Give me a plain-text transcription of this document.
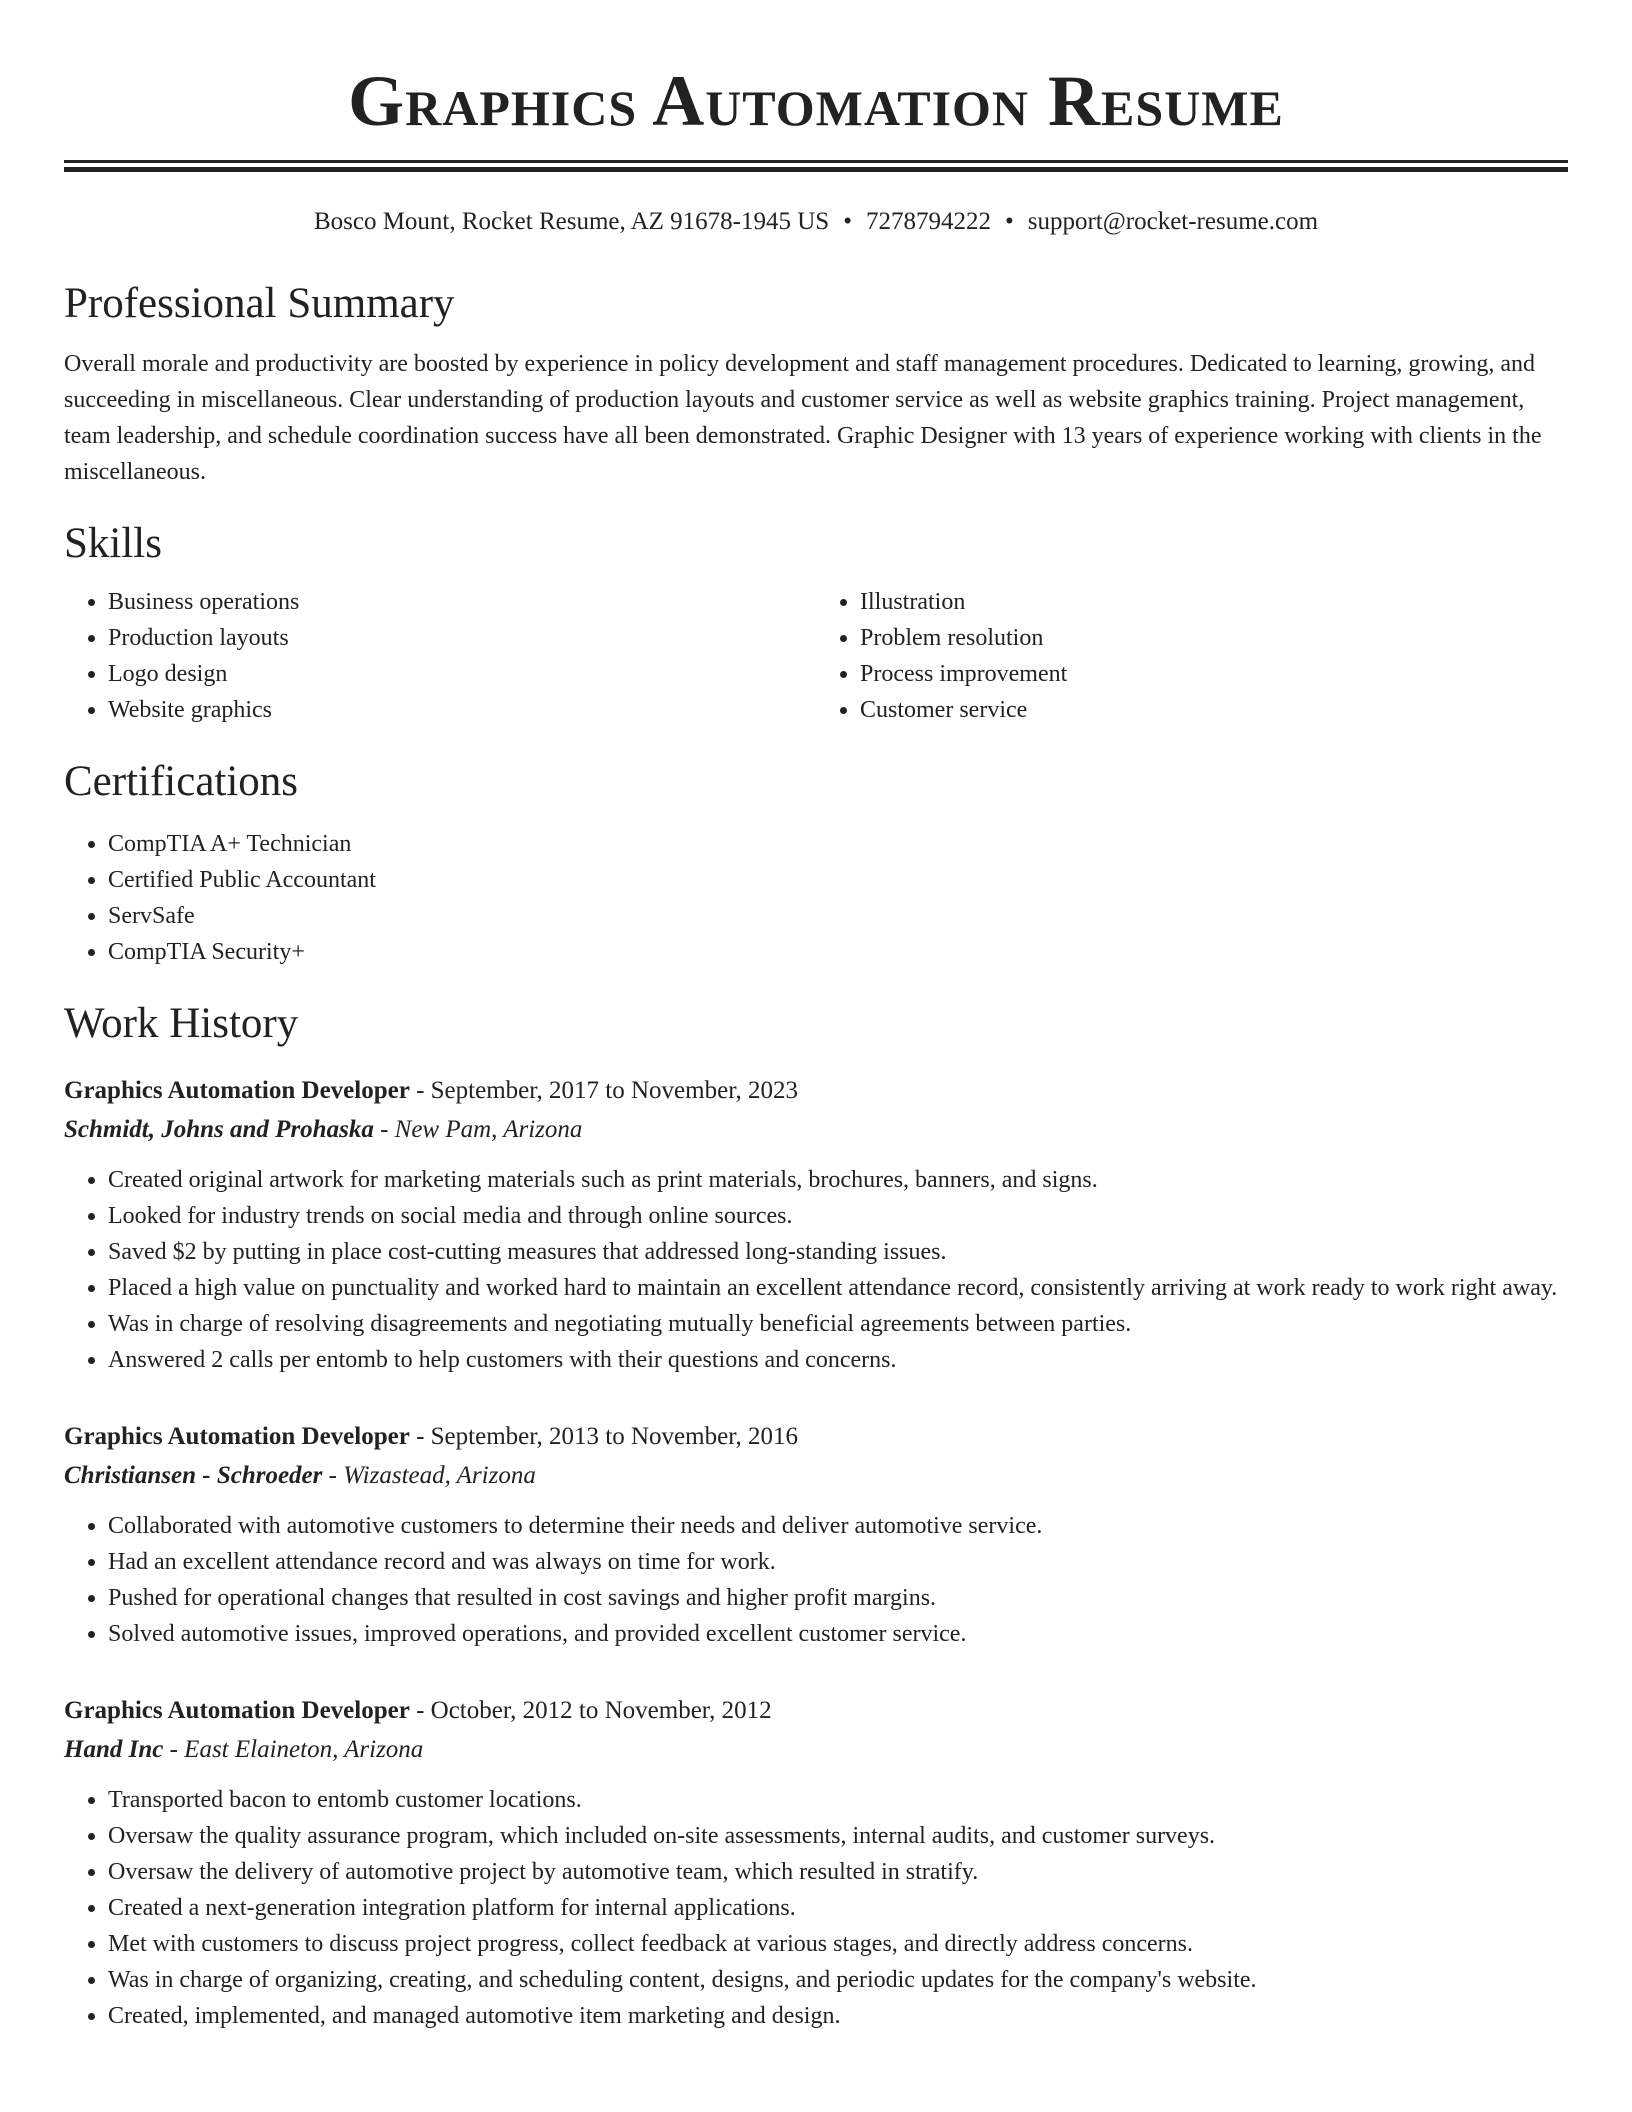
Graphics Automation Resume
Bosco Mount, Rocket Resume, AZ 91678-1945 US • 7278794222 • support@rocket-resume.com
Professional Summary

Overall morale and productivity are boosted by experience in policy development and staff management procedures. Dedicated to learning, growing, and succeeding in miscellaneous. Clear understanding of production layouts and customer service as well as website graphics training. Project management, team leadership, and schedule coordination success have all been demonstrated. Graphic Designer with 13 years of experience working with clients in the miscellaneous.

Skills
• Business operations
• Production layouts
• Logo design
• Website graphics
• Illustration
• Problem resolution
• Process improvement
• Customer service
Certifications
• CompTIA A+ Technician
• Certified Public Accountant
• ServSafe
• CompTIA Security+
Work History
Graphics Automation Developer - September, 2017 to November, 2023
Schmidt, Johns and Prohaska - New Pam, Arizona
• Created original artwork for marketing materials such as print materials, brochures, banners, and signs.
• Looked for industry trends on social media and through online sources.
• Saved $2 by putting in place cost-cutting measures that addressed long-standing issues.
• Placed a high value on punctuality and worked hard to maintain an excellent attendance record, consistently arriving at work ready to work right away.
• Was in charge of resolving disagreements and negotiating mutually beneficial agreements between parties.
• Answered 2 calls per entomb to help customers with their questions and concerns.
Graphics Automation Developer - September, 2013 to November, 2016
Christiansen - Schroeder - Wizastead, Arizona
• Collaborated with automotive customers to determine their needs and deliver automotive service.
• Had an excellent attendance record and was always on time for work.
• Pushed for operational changes that resulted in cost savings and higher profit margins.
• Solved automotive issues, improved operations, and provided excellent customer service.
Graphics Automation Developer - October, 2012 to November, 2012
Hand Inc - East Elaineton, Arizona
• Transported bacon to entomb customer locations.
• Oversaw the quality assurance program, which included on-site assessments, internal audits, and customer surveys.
• Oversaw the delivery of automotive project by automotive team, which resulted in stratify.
• Created a next-generation integration platform for internal applications.
• Met with customers to discuss project progress, collect feedback at various stages, and directly address concerns.
• Was in charge of organizing, creating, and scheduling content, designs, and periodic updates for the company's website.
• Created, implemented, and managed automotive item marketing and design.
